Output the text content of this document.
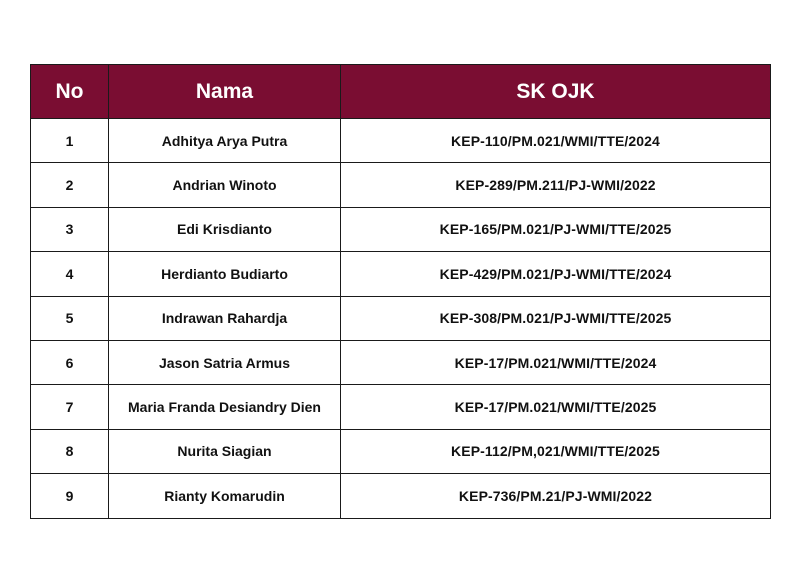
No	Nama	SK OJK
1	Adhitya Arya Putra	KEP-110/PM.021/WMI/TTE/2024
2	Andrian Winoto	KEP-289/PM.211/PJ-WMI/2022
3	Edi Krisdianto	KEP-165/PM.021/PJ-WMI/TTE/2025
4	Herdianto Budiarto	KEP-429/PM.021/PJ-WMI/TTE/2024
5	Indrawan Rahardja	KEP-308/PM.021/PJ-WMI/TTE/2025
6	Jason Satria Armus	KEP-17/PM.021/WMI/TTE/2024
7	Maria Franda Desiandry Dien	KEP-17/PM.021/WMI/TTE/2025
8	Nurita Siagian	KEP-112/PM,021/WMI/TTE/2025
9	Rianty Komarudin	KEP-736/PM.21/PJ-WMI/2022
